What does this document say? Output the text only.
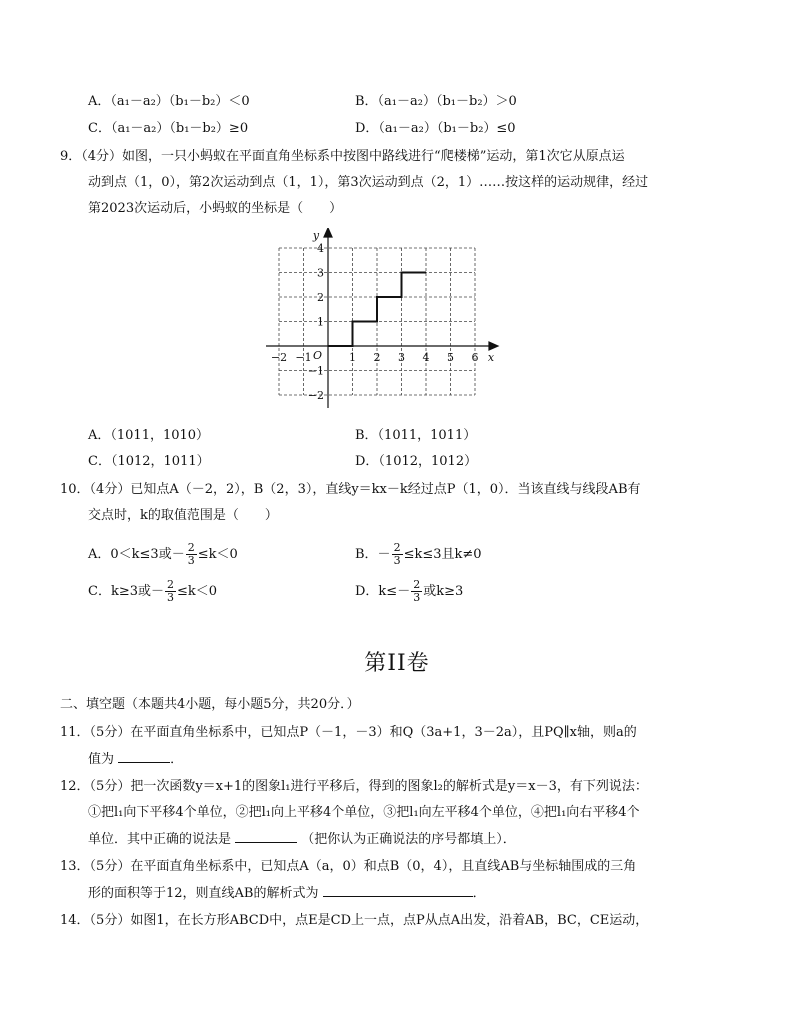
A．（a₁－a₂）（b₁－b₂）＜0	B．（a₁－a₂）（b₁－b₂）＞0
C．（a₁－a₂）（b₁－b₂）≥0	D．（a₁－a₂）（b₁－b₂）≤0
9．（4分）如图，一只小蚂蚁在平面直角坐标系中按图中路线进行“爬楼梯”运动，第1次它从原点运
动到点（1，0），第2次运动到点（1，1），第3次运动到点（2，1）……按这样的运动规律，经过
第2023次运动后，小蚂蚁的坐标是（　　）
−2 −1	1 2 3 4 5 6
4
3
2
1
−1
−2
O	x
y
A．（1011，1010）	B．（1011，1011）
C．（1012，1011）	D．（1012，1012）
10．（4分）已知点A（－2，2），B（2，3），直线y＝kx－k经过点P（1，0）．当该直线与线段AB有
交点时，k的取值范围是（　　）
A．0＜k≤3或－ $\frac{2}{3} \le k<0$	B．－ $\frac{2}{3} \le k\le 3$且k≠0
C．k≥3或－ $\frac{2}{3} \le k<0$	D．$k\le- \frac{2}{3}$ 或k≥3
第II卷
二、填空题（本题共4小题，每小题5分，共20分．）
11．（5分）在平面直角坐标系中，已知点P（－1，－3）和Q（3a+1，3－2a），且PQ∥x轴，则a的
值为	．
12．（5分）把一次函数y＝x+1的图象l₁进行平移后，得到的图象l₂的解析式是y＝x－3，有下列说法：
①把l₁向下平移4个单位，②把l₁向上平移4个单位，③把l₁向左平移4个单位，④把l₁向右平移4个
单位．其中正确的说法是	（把你认为正确说法的序号都填上）．
13．（5分）在平面直角坐标系中，已知点A（a，0）和点B（0，4），且直线AB与坐标轴围成的三角
形的面积等于12，则直线AB的解析式为	．
14．（5分）如图1，在长方形ABCD中，点E是CD上一点，点P从点A出发，沿着AB，BC，CE运动，
